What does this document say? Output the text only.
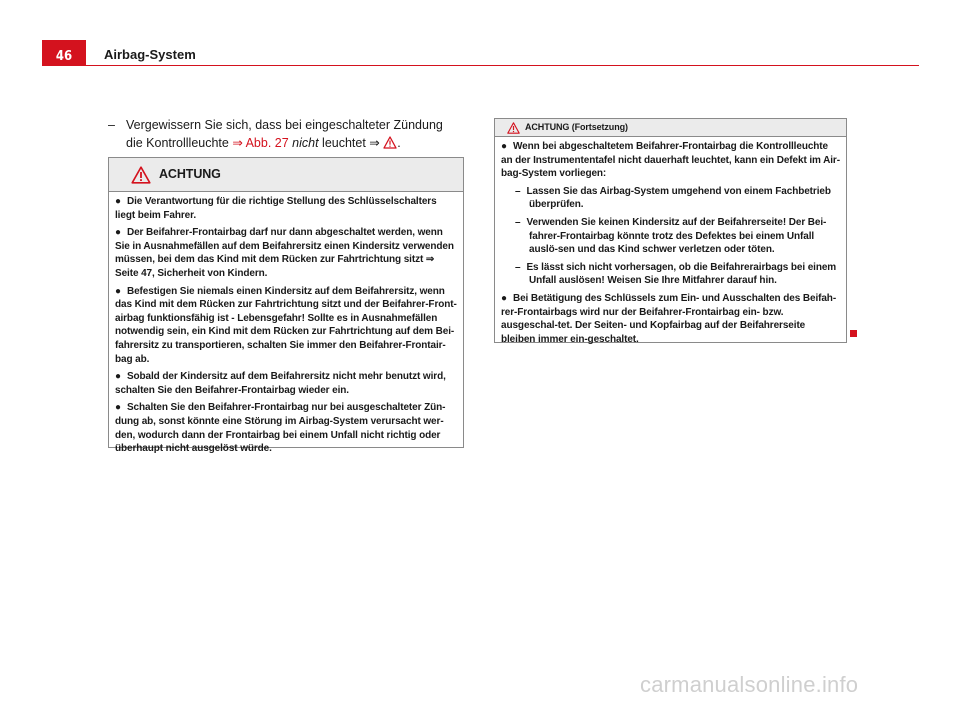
46 Airbag-System
– Vergewissern Sie sich, dass bei eingeschalteter Zündung die Kontrollleuchte ⇒ Abb. 27 nicht leuchtet ⇒ .
ACHTUNG

● Die Verantwortung für die richtige Stellung des Schlüsselschalters liegt beim Fahrer.

● Der Beifahrer-Frontairbag darf nur dann abgeschaltet werden, wenn Sie in Ausnahmefällen auf dem Beifahrersitz einen Kindersitz verwenden müssen, bei dem das Kind mit dem Rücken zur Fahrtrichtung sitzt ⇒ Seite 47, Sicherheit von Kindern.

● Befestigen Sie niemals einen Kindersitz auf dem Beifahrersitz, wenn das Kind mit dem Rücken zur Fahrtrichtung sitzt und der Beifahrer-Front-airbag funktionsfähig ist - Lebensgefahr! Sollte es in Ausnahmefällen notwendig sein, ein Kind mit dem Rücken zur Fahrtrichtung auf dem Bei-fahrersitz zu transportieren, schalten Sie immer den Beifahrer-Frontair-bag ab.

● Sobald der Kindersitz auf dem Beifahrersitz nicht mehr benutzt wird, schalten Sie den Beifahrer-Frontairbag wieder ein.

● Schalten Sie den Beifahrer-Frontairbag nur bei ausgeschalteter Zün-dung ab, sonst könnte eine Störung im Airbag-System verursacht wer-den, wodurch dann der Frontairbag bei einem Unfall nicht richtig oder überhaupt nicht ausgelöst würde.

ACHTUNG (Fortsetzung)

● Wenn bei abgeschaltetem Beifahrer-Frontairbag die Kontrollleuchte an der Instrumententafel nicht dauerhaft leuchtet, kann ein Defekt im Air-bag-System vorliegen:

– Lassen Sie das Airbag-System umgehend von einem Fachbetrieb überprüfen.

– Verwenden Sie keinen Kindersitz auf der Beifahrerseite! Der Bei-fahrer-Frontairbag könnte trotz des Defektes bei einem Unfall auslö-sen und das Kind schwer verletzen oder töten.

– Es lässt sich nicht vorhersagen, ob die Beifahrerairbags bei einem Unfall auslösen! Weisen Sie Ihre Mitfahrer darauf hin.

● Bei Betätigung des Schlüssels zum Ein- und Ausschalten des Beifah-rer-Frontairbags wird nur der Beifahrer-Frontairbag ein- bzw. ausgeschal-tet. Der Seiten- und Kopfairbag auf der Beifahrerseite bleiben immer ein-geschaltet.

carmanualsonline.info
